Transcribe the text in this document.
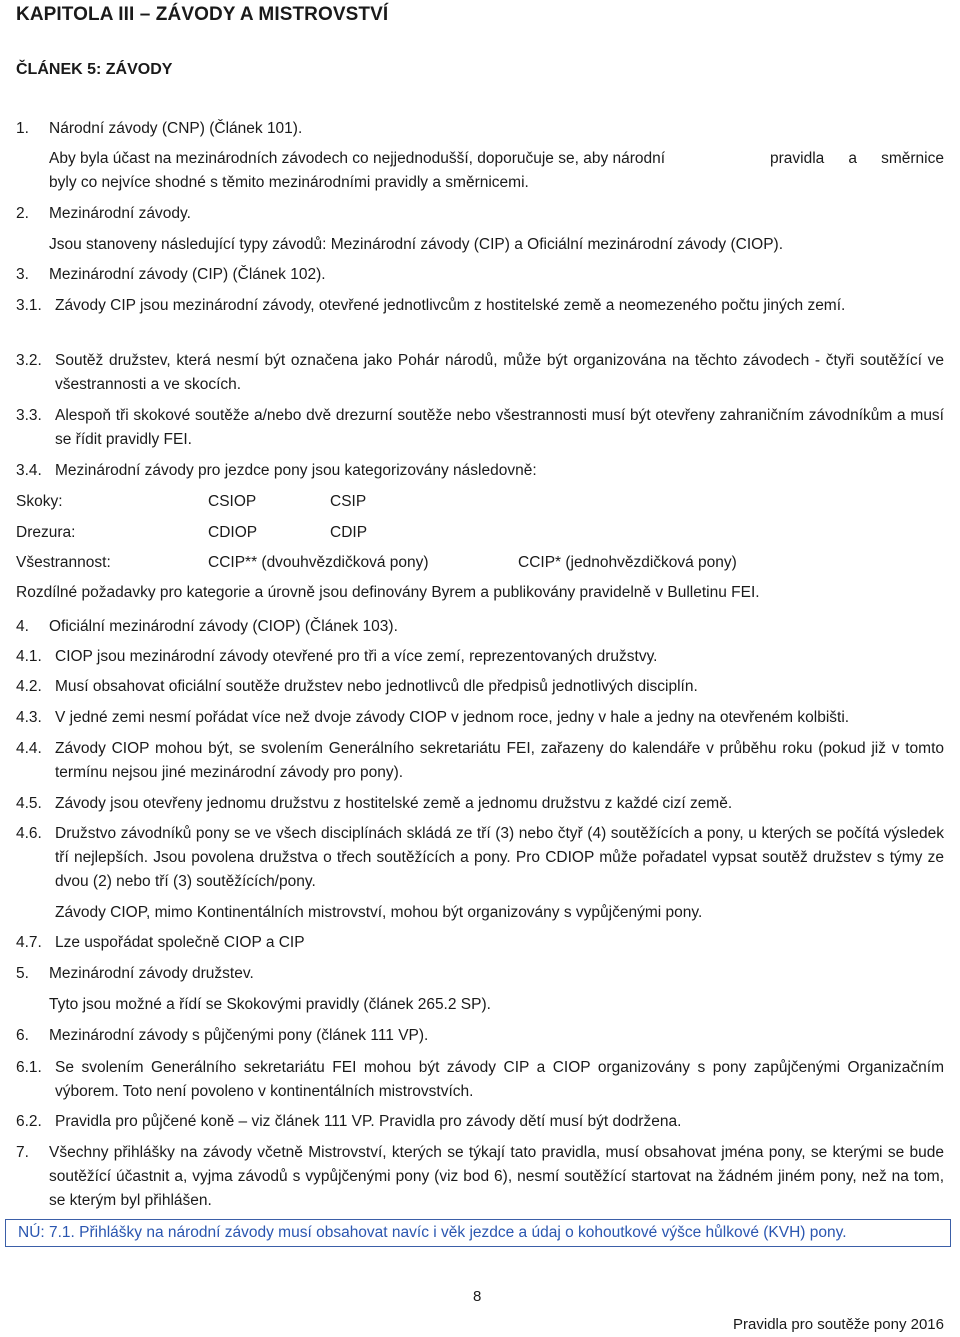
KAPITOLA III – ZÁVODY A MISTROVSTVÍ
ČLÁNEK 5: ZÁVODY
1. Národní závody (CNP) (Článek 101).
Aby byla účast na mezinárodních závodech co nejjednodušší, doporučuje se, aby národní	pravidla a směrnice
byly co nejvíce shodné s těmito mezinárodními pravidly a směrnicemi.
2. Mezinárodní závody.
Jsou stanoveny následující typy závodů: Mezinárodní závody (CIP) a Oficiální mezinárodní závody (CIOP).
3. Mezinárodní závody (CIP) (Článek 102).
3.1. Závody CIP jsou mezinárodní závody, otevřené jednotlivcům z hostitelské země a neomezeného počtu jiných zemí.
3.2. Soutěž družstev, která nesmí být označena jako Pohár národů, může být organizována na těchto závodech - čtyři soutěžící ve všestrannosti a ve skocích.
3.3. Alespoň tři skokové soutěže a/nebo dvě drezurní soutěže nebo všestrannosti musí být otevřeny zahraničním závodníkům a musí se řídit pravidly FEI.
3.4. Mezinárodní závody pro jezdce pony jsou kategorizovány následovně:
Skoky:	CSIOP	CSIP
Drezura:	CDIOP	CDIP
Všestrannost:	CCIP** (dvouhvězdičková pony)	CCIP* (jednohvězdičková pony)
Rozdílné požadavky pro kategorie a úrovně jsou definovány Byrem a publikovány pravidelně v Bulletinu FEI.
4. Oficiální mezinárodní závody (CIOP) (Článek 103).
4.1. CIOP jsou mezinárodní závody otevřené pro tři a více zemí, reprezentovaných družstvy.
4.2. Musí obsahovat oficiální soutěže družstev nebo jednotlivců dle předpisů jednotlivých disciplín.
4.3. V jedné zemi nesmí pořádat více než dvoje závody CIOP v jednom roce, jedny v hale a jedny na otevřeném kolbišti.
4.4. Závody CIOP mohou být, se svolením Generálního sekretariátu FEI, zařazeny do kalendáře v průběhu roku (pokud již v tomto termínu nejsou jiné mezinárodní závody pro pony).
4.5. Závody jsou otevřeny jednomu družstvu z hostitelské země a jednomu družstvu z každé cizí země.
4.6. Družstvo závodníků pony se ve všech disciplínách skládá ze tří (3) nebo čtyř (4) soutěžících a pony, u kterých se počítá výsledek tří nejlepších. Jsou povolena družstva o třech soutěžících a pony. Pro CDIOP může pořadatel vypsat soutěž družstev s týmy ze dvou (2) nebo tří (3) soutěžících/pony.
Závody CIOP, mimo Kontinentálních mistrovství, mohou být organizovány s vypůjčenými pony.
4.7. Lze uspořádat společně CIOP a CIP
5. Mezinárodní závody družstev.
Tyto jsou možné a řídí se Skokovými pravidly (článek 265.2 SP).
6. Mezinárodní závody s půjčenými pony (článek 111 VP).
6.1. Se svolením Generálního sekretariátu FEI mohou být závody CIP a CIOP organizovány s pony zapůjčenými Organizačním výborem. Toto není povoleno v kontinentálních mistrovstvích.
6.2. Pravidla pro půjčené koně – viz článek 111 VP. Pravidla pro závody dětí musí být dodržena.
7. Všechny přihlášky na závody včetně Mistrovství, kterých se týkají tato pravidla, musí obsahovat jména pony, se kterými se bude soutěžící účastnit a, vyjma závodů s vypůjčenými pony (viz bod 6), nesmí soutěžící startovat na žádném jiném pony, než na tom, se kterým byl přihlášen.
NÚ: 7.1. Přihlášky na národní závody musí obsahovat navíc i věk jezdce a údaj o kohoutkové výšce hůlkové (KVH) pony.
8
Pravidla pro soutěže pony 2016
